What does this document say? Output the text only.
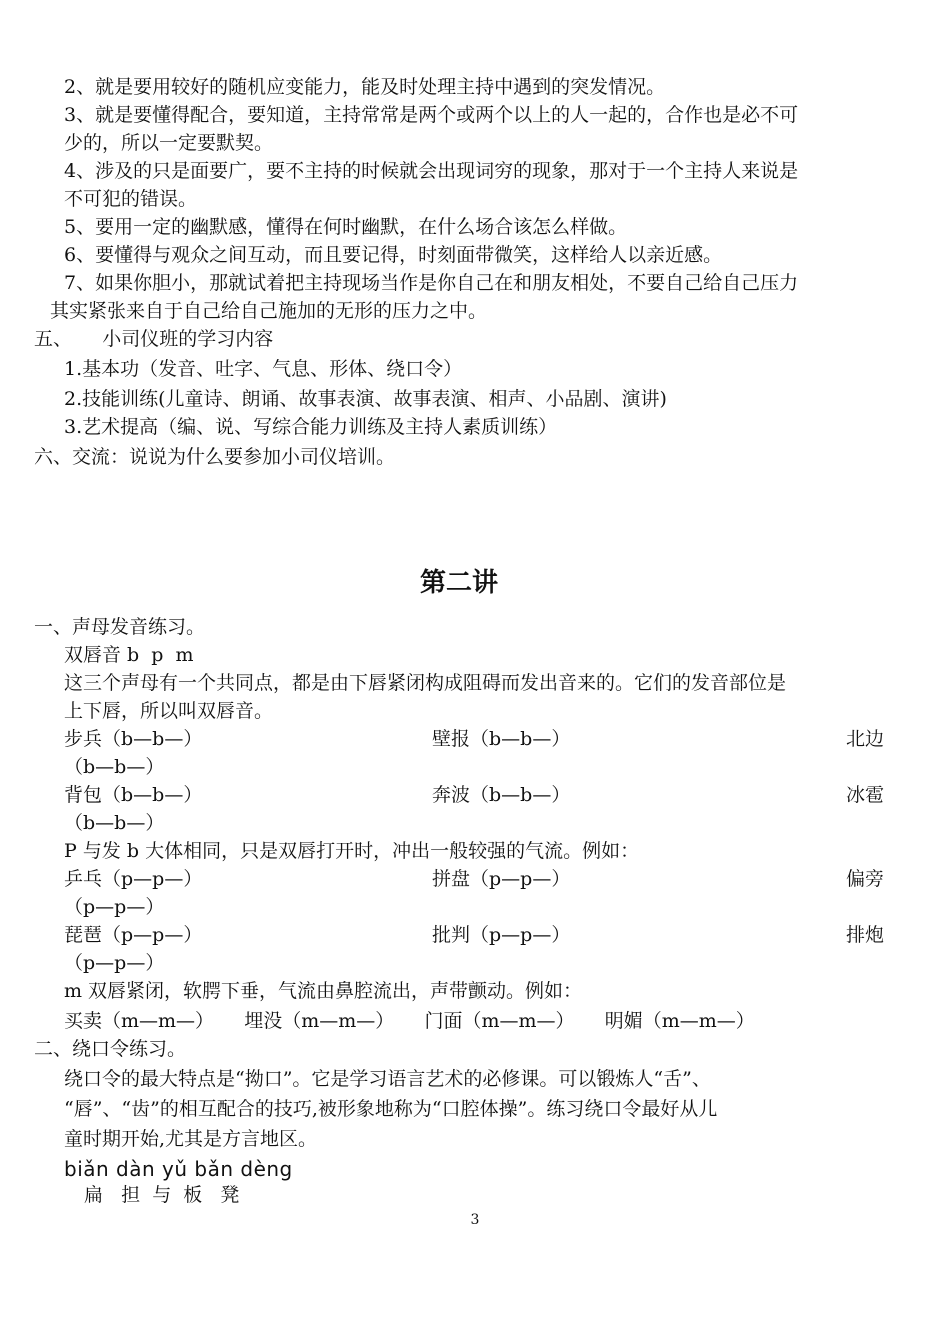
2、就是要用较好的随机应变能力，能及时处理主持中遇到的突发情况。
3、就是要懂得配合，要知道，主持常常是两个或两个以上的人一起的，合作也是必不可
少的，所以一定要默契。
4、涉及的只是面要广，要不主持的时候就会出现词穷的现象，那对于一个主持人来说是
不可犯的错误。
5、要用一定的幽默感，懂得在何时幽默，在什么场合该怎么样做。
6、要懂得与观众之间互动，而且要记得，时刻面带微笑，这样给人以亲近感。
7、如果你胆小，那就试着把主持现场当作是你自己在和朋友相处，不要自己给自己压力
其实紧张来自于自己给自己施加的无形的压力之中。
五、     小司仪班的学习内容
1.基本功（发音、吐字、气息、形体、绕口令）
2.技能训练(儿童诗、朗诵、故事表演、故事表演、相声、小品剧、演讲)
3.艺术提高（编、说、写综合能力训练及主持人素质训练）
六、交流：说说为什么要参加小司仪培训。
第二讲
一、声母发音练习。
双唇音 b  p  m
这三个声母有一个共同点，都是由下唇紧闭构成阻碍而发出音来的。它们的发音部位是
上下唇，所以叫双唇音。
步兵（b—b—）	壁报（b—b—）	北边
（b—b—）
背包（b—b—）	奔波（b—b—）	冰雹
（b—b—）
P 与发 b 大体相同，只是双唇打开时，冲出一般较强的气流。例如：
乒乓（p—p—）	拼盘（p—p—）	偏旁
（p—p—）
琵琶（p—p—）	批判（p—p—）	排炮
（p—p—）
m 双唇紧闭，软腭下垂，气流由鼻腔流出，声带颤动。例如：
买卖（m—m—）     埋没（m—m—）     门面（m—m—）     明媚（m—m—）
二、绕口令练习。
绕口令的最大特点是“拗口”。它是学习语言艺术的必修课。可以锻炼人“舌”、
“唇”、“齿”的相互配合的技巧,被形象地称为“口腔体操”。练习绕口令最好从儿
童时期开始,尤其是方言地区。
biǎn dàn yǔ bǎn dèng
扁   担  与  板   凳
3
